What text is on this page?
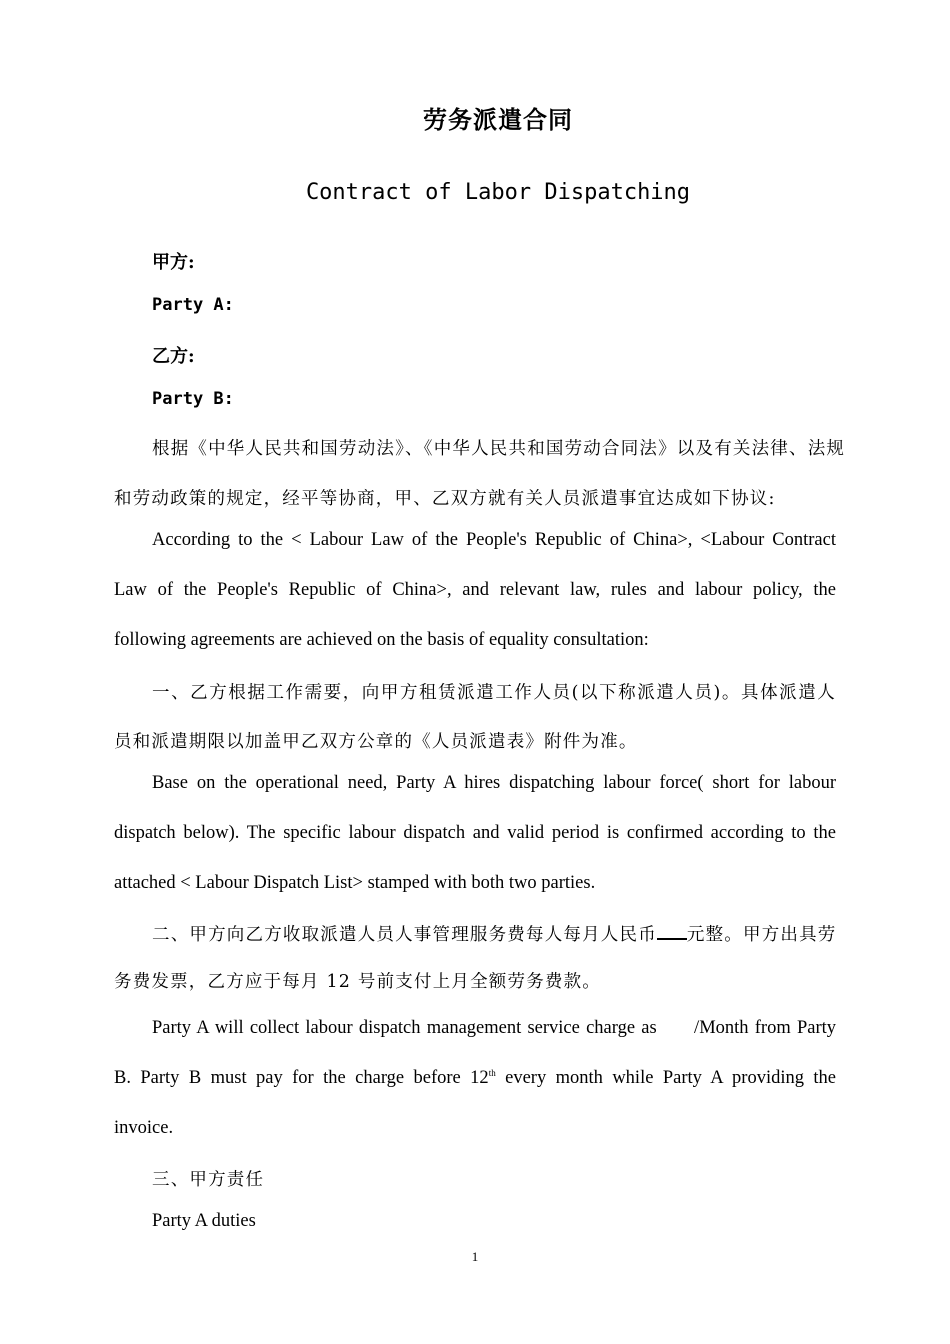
劳务派遣合同
Contract of Labor Dispatching
甲方:
Party A:
乙方:
Party B:
根据《中华人民共和国劳动法》、《中华人民共和国劳动合同法》以及有关法律、法规
和劳动政策的规定，经平等协商，甲、乙双方就有关人员派遣事宜达成如下协议:
According to the < Labour Law of the People's Republic of China>, <Labour Contract
Law of the People's Republic of China>, and relevant law, rules and labour policy, the
following agreements are achieved on the basis of equality consultation:
一、乙方根据工作需要，向甲方租赁派遣工作人员(以下称派遣人员)。具体派遣人
员和派遣期限以加盖甲乙双方公章的《人员派遣表》附件为准。
Base on the operational need, Party A hires dispatching labour force( short for labour
dispatch below). The specific labour dispatch and valid period is confirmed according to the
attached < Labour Dispatch List> stamped with both two parties.
二、甲方向乙方收取派遣人员人事管理服务费每人每月人民币 元整。甲方出具劳
务费发票，乙方应于每月 12 号前支付上月全额劳务费款。
Party A will collect labour dispatch management service charge as      /Month from Party
B. Party B must pay for the charge before 12th every month while Party A providing the
invoice.
三、甲方责任
Party A duties
1
